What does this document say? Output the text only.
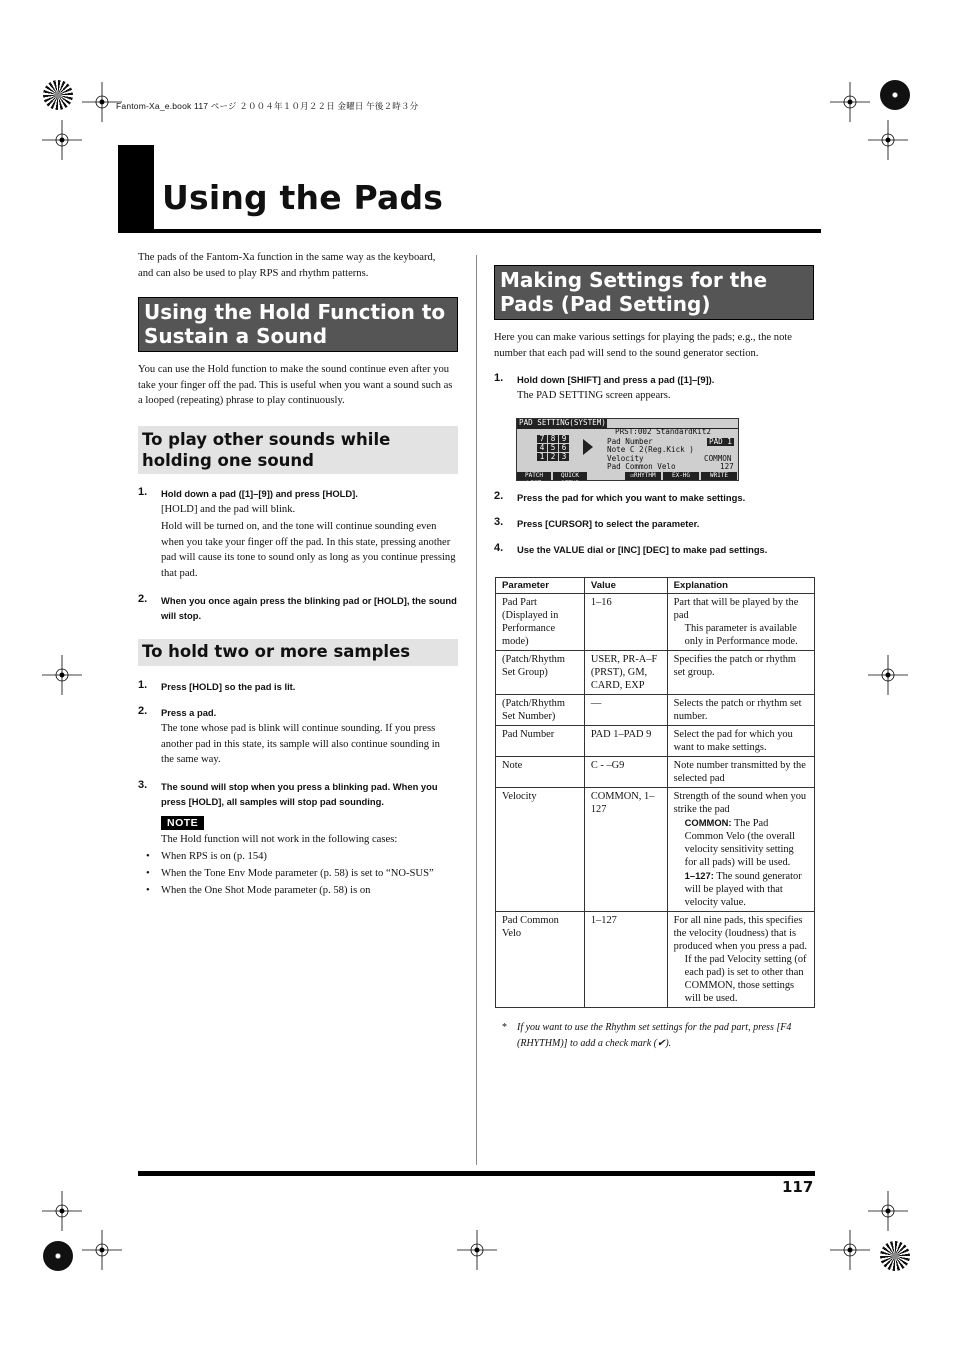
Fantom-Xa_e.book 117 ページ ２００４年１０月２２日 金曜日 午後２時３分
Using the Pads
The pads of the Fantom-Xa function in the same way as the keyboard, and can also be used to play RPS and rhythm patterns.
Using the Hold Function to Sustain a Sound
You can use the Hold function to make the sound continue even after you take your finger off the pad. This is useful when you want a sound such as a looped (repeating) phrase to play continuously.
To play other sounds while holding one sound
1. Hold down a pad ([1]–[9]) and press [HOLD].
[HOLD] and the pad will blink.
Hold will be turned on, and the tone will continue sounding even when you take your finger off the pad. In this state, pressing another pad will cause its tone to sound only as long as you continue pressing that pad.
2. When you once again press the blinking pad or [HOLD], the sound will stop.
To hold two or more samples
1. Press [HOLD] so the pad is lit.
2. Press a pad.
The tone whose pad is blink will continue sounding. If you press another pad in this state, its sample will also continue sounding in the same way.
3. The sound will stop when you press a blinking pad. When you press [HOLD], all samples will stop pad sounding.
NOTE
The Hold function will not work in the following cases:
• When RPS is on (p. 154)
• When the Tone Env Mode parameter (p. 58) is set to “NO-SUS”
• When the One Shot Mode parameter (p. 58) is on
Making Settings for the Pads (Pad Setting)
Here you can make various settings for playing the pads; e.g., the note number that each pad will send to the sound generator section.
1. Hold down [SHIFT] and press a pad ([1]–[9]).
The PAD SETTING screen appears.
PAD SETTING(SYSTEM)
PRST:002 StandardKit2
7 8 9
4 5 6
1 2 3
Pad Number	PAD 1
Note C 2(Reg.Kick )
Velocity	COMMON
Pad Common Velo	127
PATCH LIST
QUICK SETUP
☑RHYTHM	EX-HG	WRITE
2. Press the pad for which you want to make settings.
3. Press [CURSOR] to select the parameter.
4. Use the VALUE dial or [INC] [DEC] to make pad settings.
Parameter	Value	Explanation
Pad Part (Displayed in Performance mode)	1–16	Part that will be played by the pad
This parameter is available only in Performance mode.

(Patch/Rhythm Set Group)	USER, PR-A–F (PRST), GM, CARD, EXP	Specifies the patch or rhythm set group.
(Patch/Rhythm Set Number)	—	Selects the patch or rhythm set number.
Pad Number	PAD 1–PAD 9	Select the pad for which you want to make settings.
Note	C - –G9	Note number transmitted by the selected pad
Velocity	COMMON, 1–127	Strength of the sound when you strike the pad
COMMON: The Pad Common Velo (the overall velocity sensitivity setting for all pads) will be used.
1–127: The sound generator will be played with that velocity value.

Pad Common Velo	1–127	For all nine pads, this specifies the velocity (loudness) that is produced when you press a pad.
If the pad Velocity setting (of each pad) is set to other than COMMON, those settings will be used.
* If you want to use the Rhythm set settings for the pad part, press [F4 (RHYTHM)] to add a check mark (✔).
117
